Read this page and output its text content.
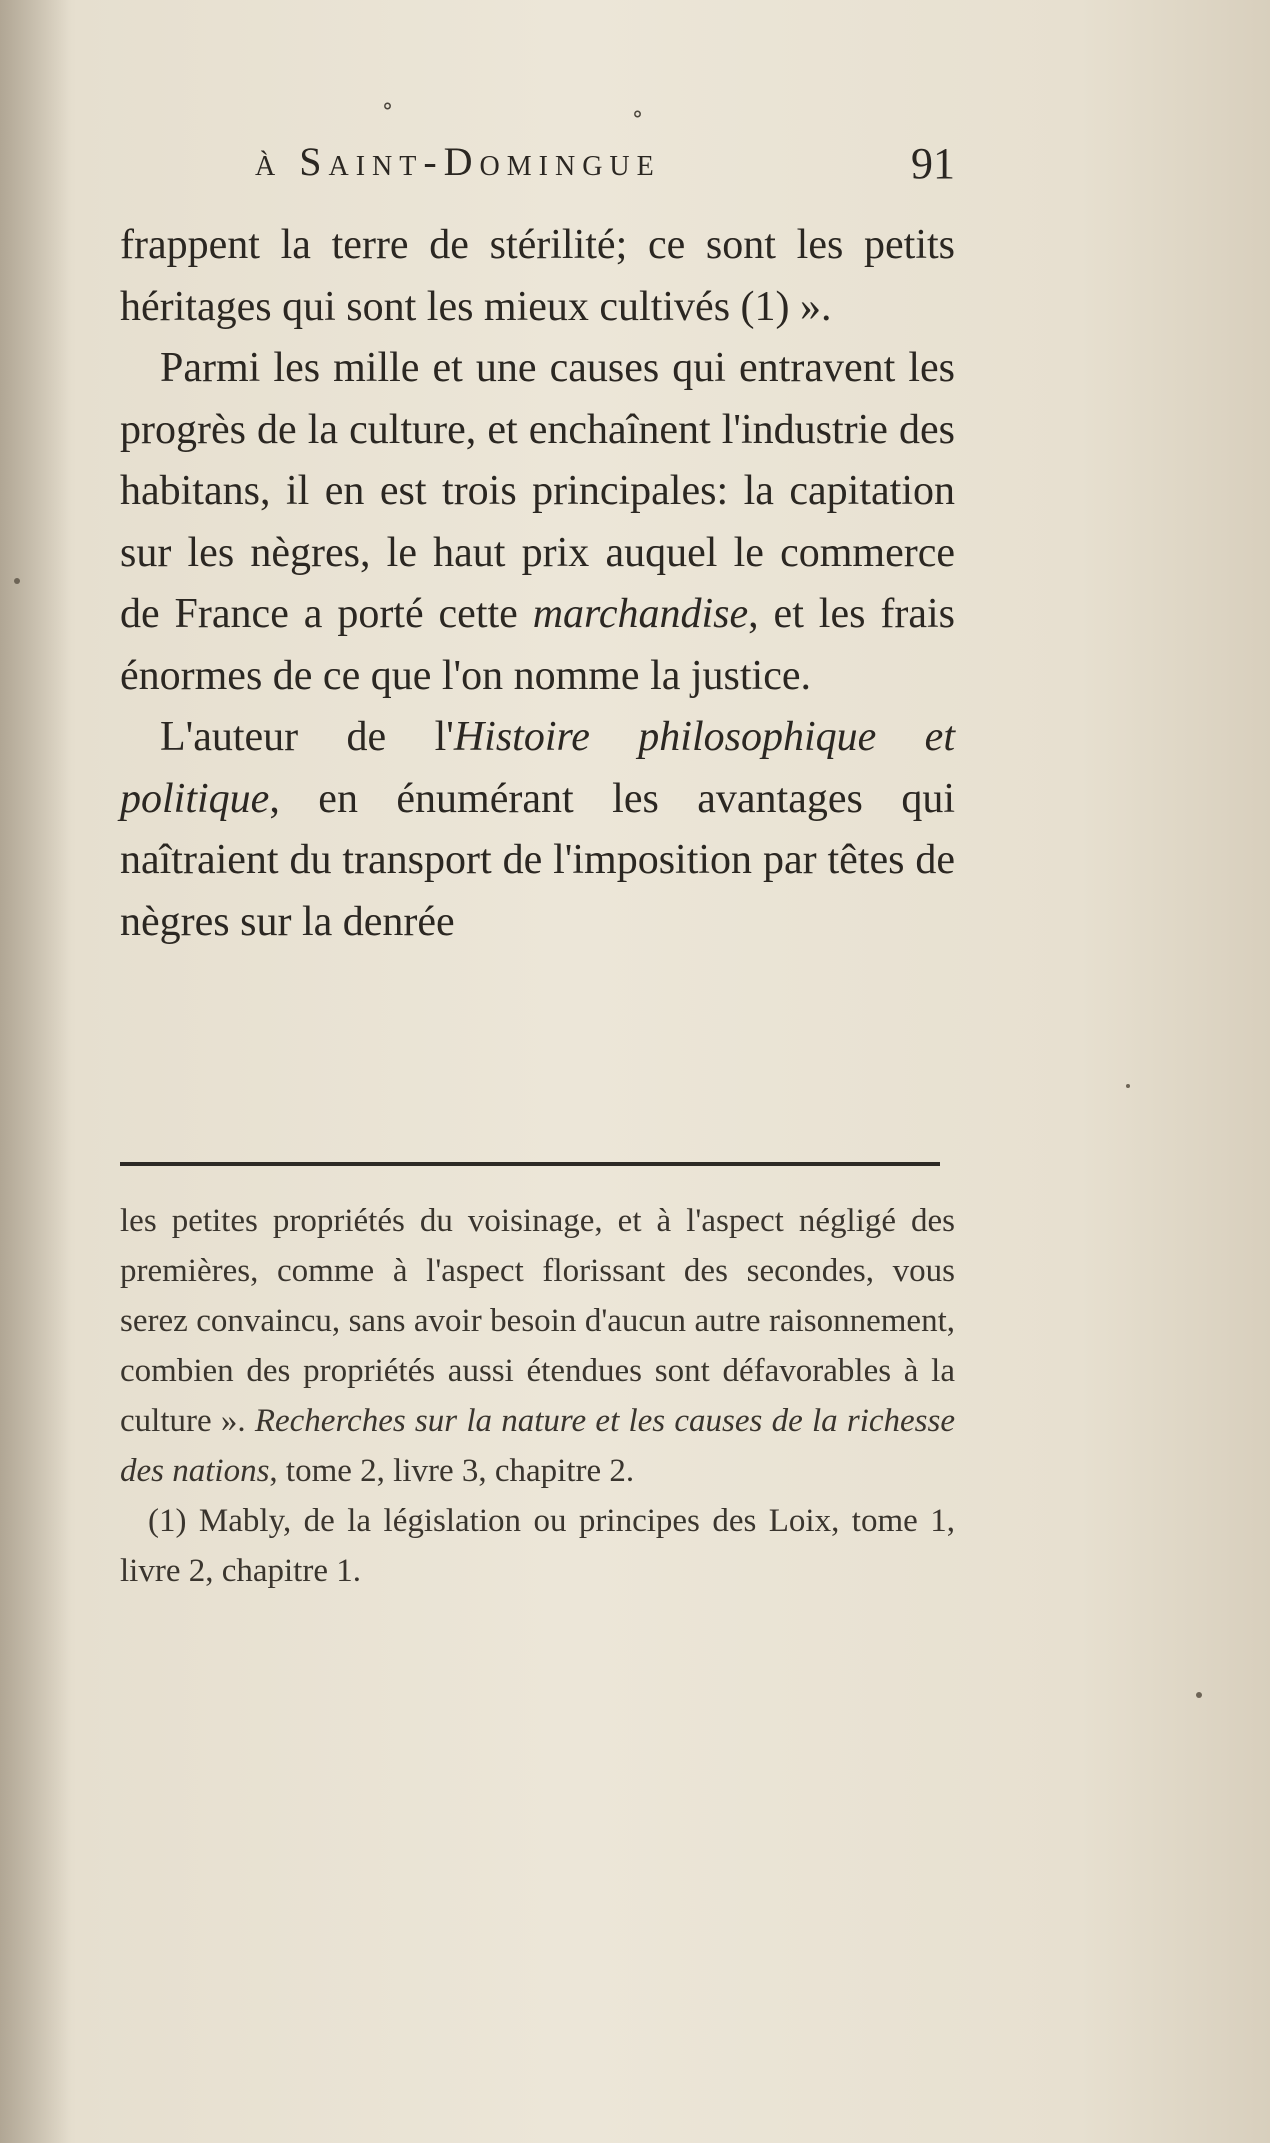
°	°
à Saint-Domingue	91

frappent la terre de stérilité; ce sont les petits héritages qui sont les mieux cultivés (1) ».

Parmi les mille et une causes qui entravent les progrès de la culture, et enchaînent l'industrie des habitans, il en est trois principales: la capitation sur les nègres, le haut prix auquel le commerce de France a porté cette marchandise, et les frais énormes de ce que l'on nomme la justice.

L'auteur de l'Histoire philosophique et politique, en énumérant les avantages qui naîtraient du transport de l'imposition par têtes de nègres sur la denrée

les petites propriétés du voisinage, et à l'aspect négligé des premières, comme à l'aspect florissant des secondes, vous serez convaincu, sans avoir besoin d'aucun autre raisonnement, combien des propriétés aussi étendues sont défavorables à la culture ». Recherches sur la nature et les causes de la richesse des nations, tome 2, livre 3, chapitre 2.

(1) Mably, de la législation ou principes des Loix, tome 1, livre 2, chapitre 1.
